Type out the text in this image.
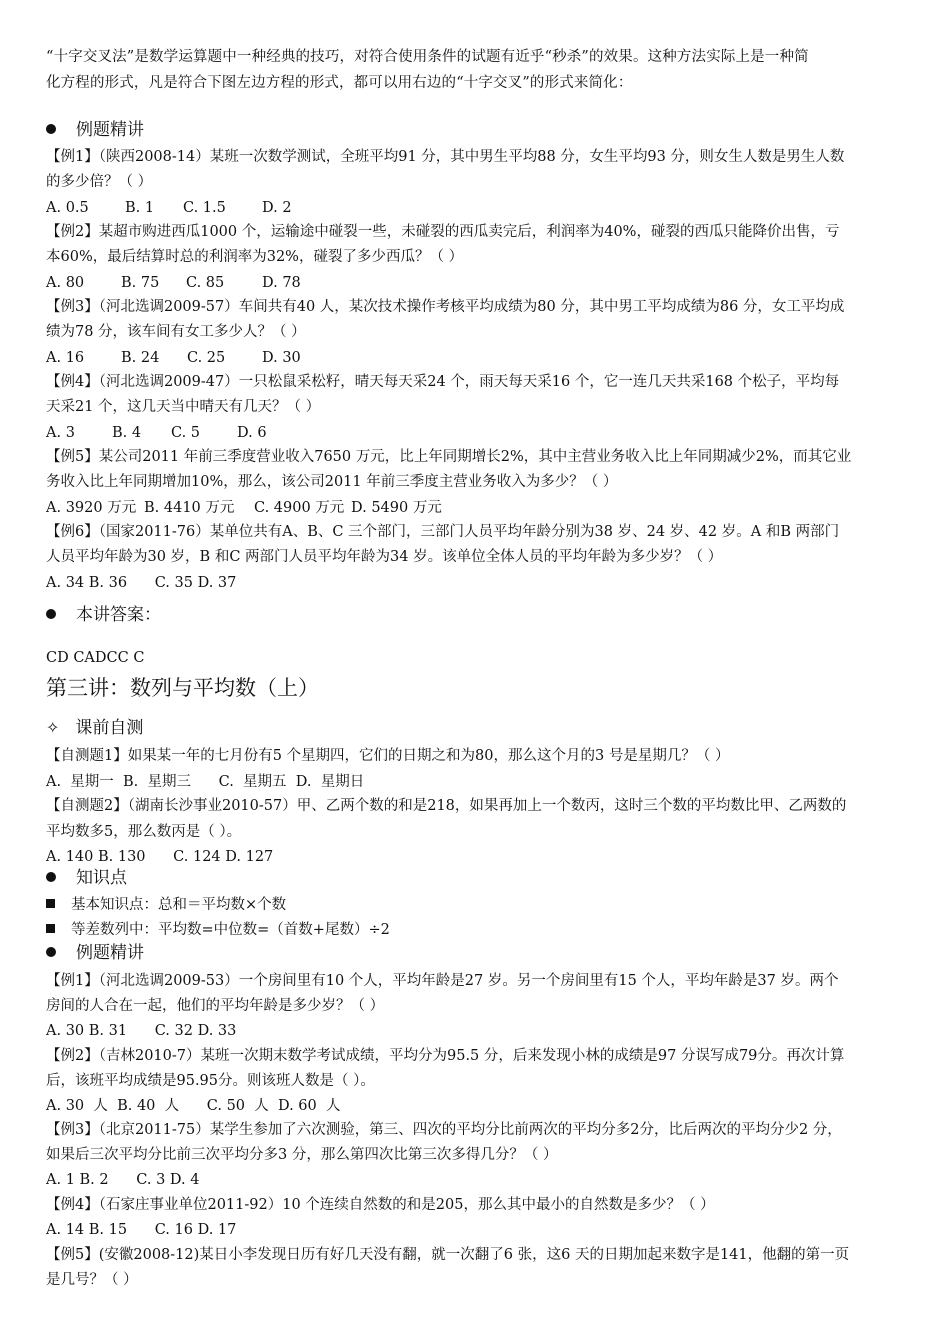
“十字交叉法”是数学运算题中一种经典的技巧，对符合使用条件的试题有近乎“秒杀”的效果。这种方法实际上是一种简
化方程的形式，凡是符合下图左边方程的形式，都可以用右边的“十字交叉”的形式来简化：
例题精讲
【例1】（陕西2008-14）某班一次数学测试，全班平均91 分，其中男生平均88 分，女生平均93 分，则女生人数是男生人数
的多少倍？（ ）
A. 0.5	B. 1 C. 1.5 D. 2
【例2】某超市购进西瓜1000 个，运输途中碰裂一些，未碰裂的西瓜卖完后，利润率为40%，碰裂的西瓜只能降价出售，亏
本60%，最后结算时总的利润率为32%，碰裂了多少西瓜？（ ）
A. 80	B. 75 C. 85	D. 78
【例3】（河北选调2009-57）车间共有40 人，某次技术操作考核平均成绩为80 分，其中男工平均成绩为86 分，女工平均成
绩为78 分，该车间有女工多少人？（ ）
A. 16	B. 24 C. 25	D. 30
【例4】（河北选调2009-47）一只松鼠采松籽，晴天每天采24 个，雨天每天采16 个，它一连几天共采168 个松子，平均每
天采21 个，这几天当中晴天有几天？（ ）
A. 3	B. 4 C. 5	D. 6
【例5】某公司2011 年前三季度营业收入7650 万元，比上年同期增长2%，其中主营业务收入比上年同期减少2%，而其它业
务收入比上年同期增加10%，那么，该公司2011 年前三季度主营业务收入为多少？（ ）
A. 3920 万元 B. 4410 万元 C. 4900 万元 D. 5490 万元
【例6】（国家2011-76）某单位共有A、B、C 三个部门，三部门人员平均年龄分别为38 岁、24 岁、42 岁。A 和B 两部门
人员平均年龄为30 岁，B 和C 两部门人员平均年龄为34 岁。该单位全体人员的平均年龄为多少岁？（ ）
A. 34 B. 36      C. 35 D. 37
本讲答案：
CD CADCC C
第三讲：数列与平均数（上）
✧ 课前自测
【自测题1】如果某一年的七月份有5 个星期四，它们的日期之和为80，那么这个月的3 号是星期几？（ ）
A.  星期一  B.  星期三      C.  星期五  D.  星期日
【自测题2】（湖南长沙事业2010-57）甲、乙两个数的和是218，如果再加上一个数丙，这时三个数的平均数比甲、乙两数的
平均数多5，那么数丙是（ ）。
A. 140 B. 130      C. 124 D. 127
知识点
基本知识点：总和＝平均数×个数
等差数列中：平均数=中位数=（首数+尾数）÷2
例题精讲
【例1】（河北选调2009-53）一个房间里有10 个人，平均年龄是27 岁。另一个房间里有15 个人，平均年龄是37 岁。两个
房间的人合在一起，他们的平均年龄是多少岁？（ ）
A. 30 B. 31      C. 32 D. 33
【例2】（吉林2010-7）某班一次期末数学考试成绩，平均分为95.5 分，后来发现小林的成绩是97 分误写成79分。再次计算
后，该班平均成绩是95.95分。则该班人数是（ ）。
A. 30  人  B. 40  人      C. 50  人  D. 60  人
【例3】（北京2011-75）某学生参加了六次测验，第三、四次的平均分比前两次的平均分多2分，比后两次的平均分少2 分，
如果后三次平均分比前三次平均分多3 分，那么第四次比第三次多得几分？（ ）
A. 1 B. 2      C. 3 D. 4
【例4】（石家庄事业单位2011-92）10 个连续自然数的和是205，那么其中最小的自然数是多少？（ ）
A. 14 B. 15      C. 16 D. 17
【例5】(安徽2008-12)某日小李发现日历有好几天没有翻，就一次翻了6 张，这6 天的日期加起来数字是141，他翻的第一页
是几号？（ ）
